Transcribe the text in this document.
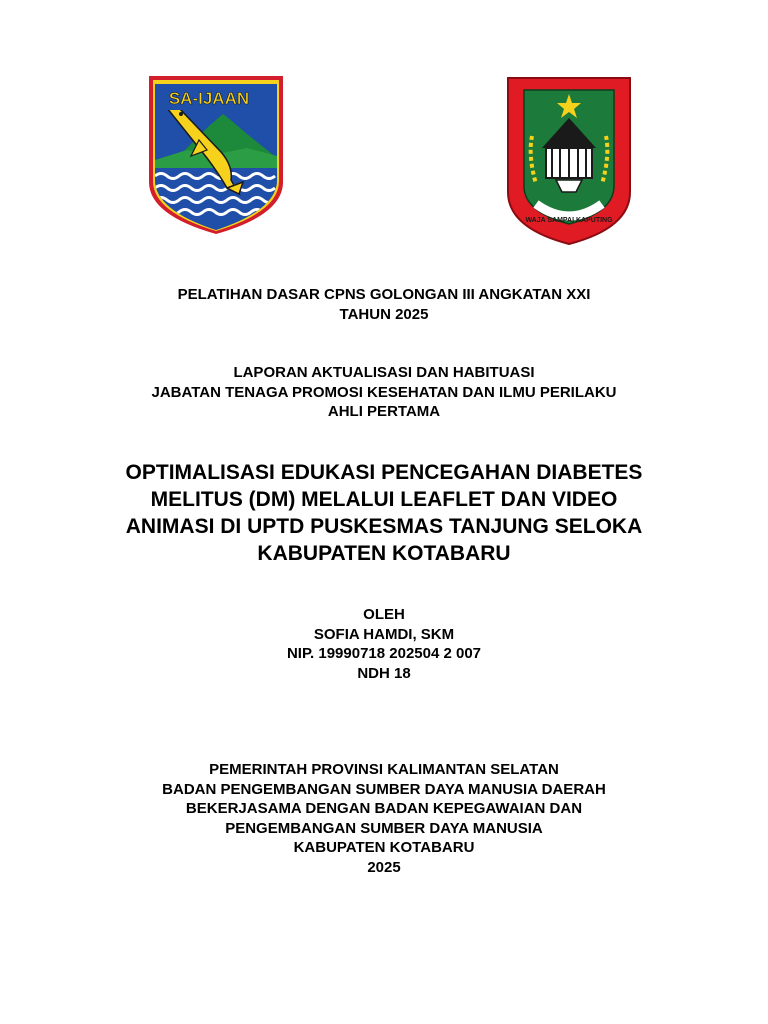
SA-IJAAN
WAJA SAMPAI KAPUTING
PELATIHAN DASAR CPNS GOLONGAN III ANGKATAN XXI
TAHUN 2025
LAPORAN AKTUALISASI DAN HABITUASI
JABATAN TENAGA PROMOSI KESEHATAN DAN ILMU PERILAKU
AHLI PERTAMA
OPTIMALISASI EDUKASI PENCEGAHAN DIABETES
MELITUS (DM) MELALUI LEAFLET DAN VIDEO
ANIMASI DI UPTD PUSKESMAS TANJUNG SELOKA
KABUPATEN KOTABARU
OLEH
SOFIA HAMDI, SKM
NIP. 19990718 202504 2 007
NDH 18
PEMERINTAH PROVINSI KALIMANTAN SELATAN
BADAN PENGEMBANGAN SUMBER DAYA MANUSIA DAERAH
BEKERJASAMA DENGAN BADAN KEPEGAWAIAN DAN
PENGEMBANGAN SUMBER DAYA MANUSIA
KABUPATEN KOTABARU
2025
